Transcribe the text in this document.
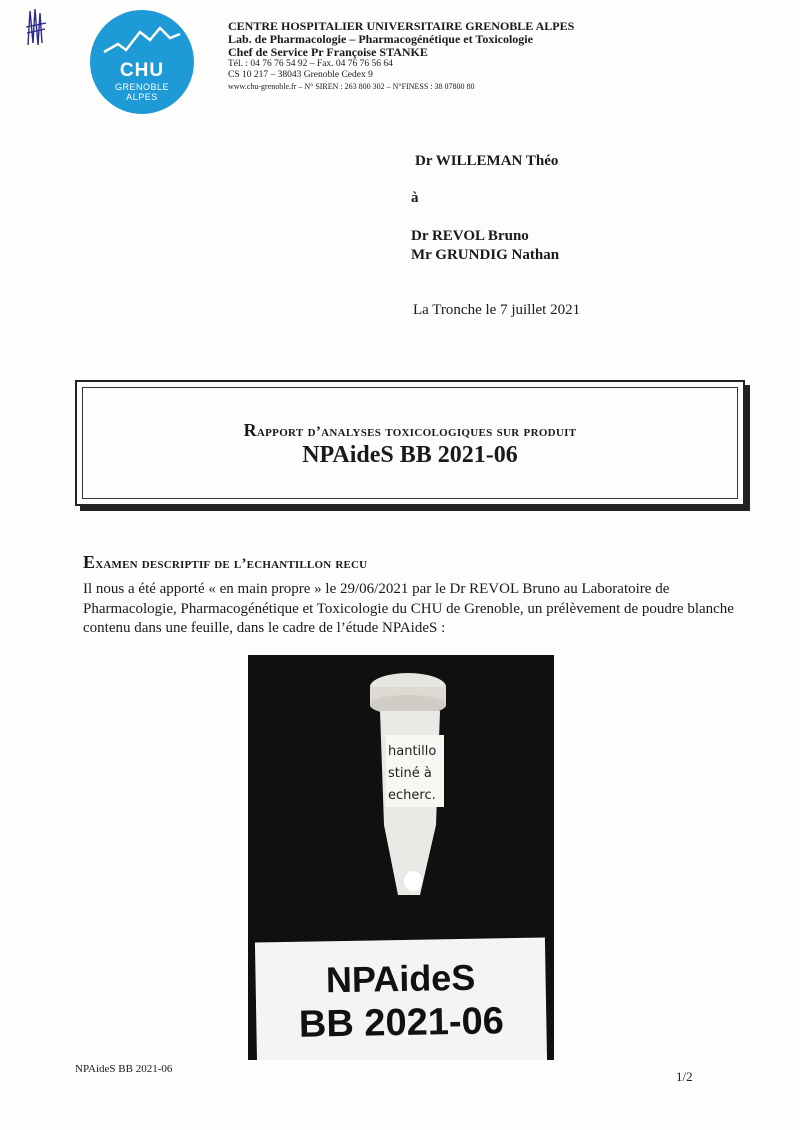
CHU
GRENOBLE
ALPES
CENTRE HOSPITALIER UNIVERSITAIRE GRENOBLE ALPES
Lab. de Pharmacologie – Pharmacogénétique et Toxicologie
Chef de Service Pr Françoise STANKE
Tél. : 04 76 76 54 92 – Fax. 04 76 76 56 64
CS 10 217 – 38043 Grenoble Cedex 9
www.chu-grenoble.fr – N° SIREN : 263 800 302 – N°FINESS : 38 07800 80
Dr WILLEMAN Théo
à
Dr REVOL Bruno
Mr GRUNDIG Nathan
La Tronche le 7 juillet 2021
Rapport d’analyses toxicologiques sur produit
NPAideS BB 2021-06
Examen descriptif de l’echantillon recu
Il nous a été apporté « en main propre » le 29/06/2021 par le Dr REVOL Bruno au Laboratoire de Pharmacologie, Pharmacogénétique et Toxicologie du CHU de Grenoble, un prélèvement de poudre blanche contenu dans une feuille, dans le cadre de l’étude NPAideS :
hantillo
stiné à
echerc.
NPAideS
BB 2021-06
NPAideS BB 2021-06	1/2
